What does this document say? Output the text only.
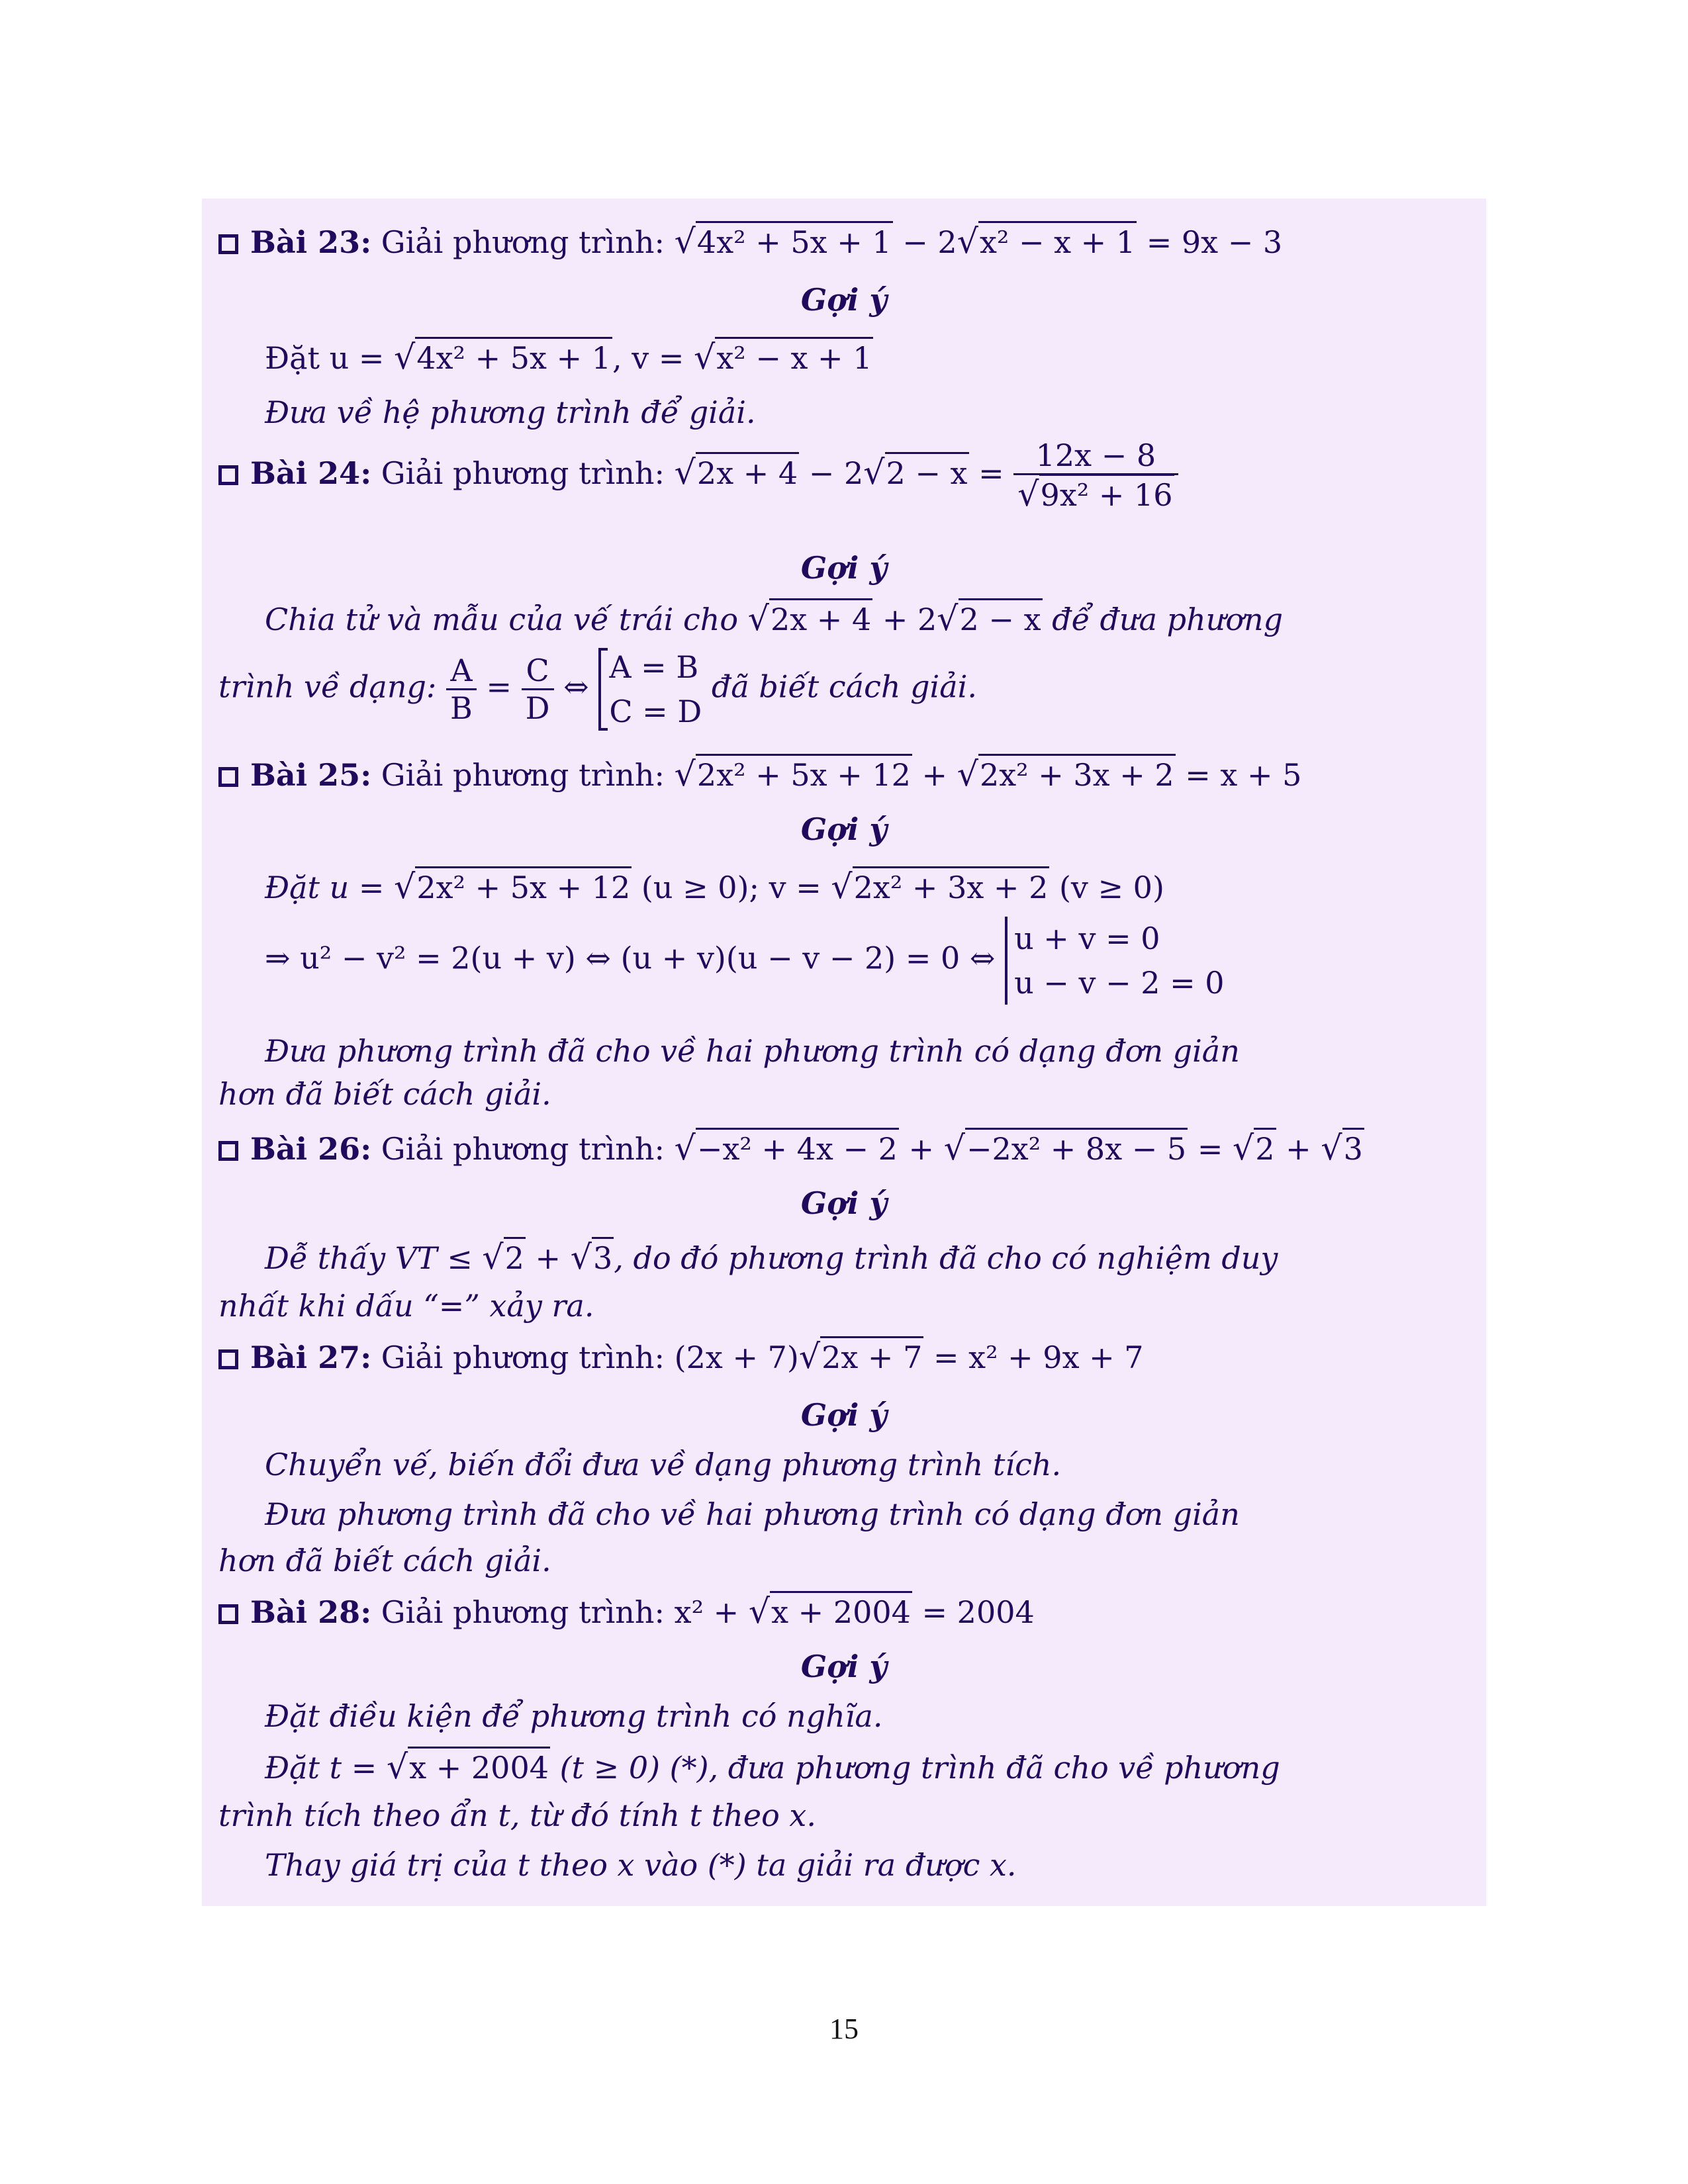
Bài 23: Giải phương trình: √4x² + 5x + 1 − 2√x² − x + 1 = 9x − 3
Gợi ý
Đặt u = √4x² + 5x + 1, v = √x² − x + 1
Đưa về hệ phương trình để giải.
Bài 24: Giải phương trình: $√2x + 4 - 2√2 - x = \frac{12x - 8}{\text{√9x² + 16}}$
Gợi ý
Chia tử và mẫu của vế trái cho √2x + 4 + 2√2 − x để đưa phương
trình về dạng: $\frac{A}{B} = \frac{C}{D}$ ⇔
A = B
C = D
đã biết cách giải.
Bài 25: Giải phương trình: √2x² + 5x + 12 + √2x² + 3x + 2 = x + 5
Gợi ý
Đặt u = √2x² + 5x + 12 (u ≥ 0); v = √2x² + 3x + 2 (v ≥ 0)
⇒ u² − v² = 2(u + v) ⇔ (u + v)(u − v − 2) = 0 ⇔
u + v = 0
u − v − 2 = 0
Đưa phương trình đã cho về hai phương trình có dạng đơn giản
hơn đã biết cách giải.
Bài 26: Giải phương trình: √−x² + 4x − 2 + √−2x² + 8x − 5 = √2 + √3
Gợi ý
Dễ thấy VT ≤ √2 + √3, do đó phương trình đã cho có nghiệm duy
nhất khi dấu “=” xảy ra.
Bài 27: Giải phương trình: (2x + 7)√2x + 7 = x² + 9x + 7
Gợi ý
Chuyển vế, biến đổi đưa về dạng phương trình tích.
Đưa phương trình đã cho về hai phương trình có dạng đơn giản
hơn đã biết cách giải.
Bài 28: Giải phương trình: x² + √x + 2004 = 2004
Gợi ý
Đặt điều kiện để phương trình có nghĩa.
Đặt t = √x + 2004 (t ≥ 0) (*), đưa phương trình đã cho về phương
trình tích theo ẩn t, từ đó tính t theo x.
Thay giá trị của t theo x vào (*) ta giải ra được x.
15
